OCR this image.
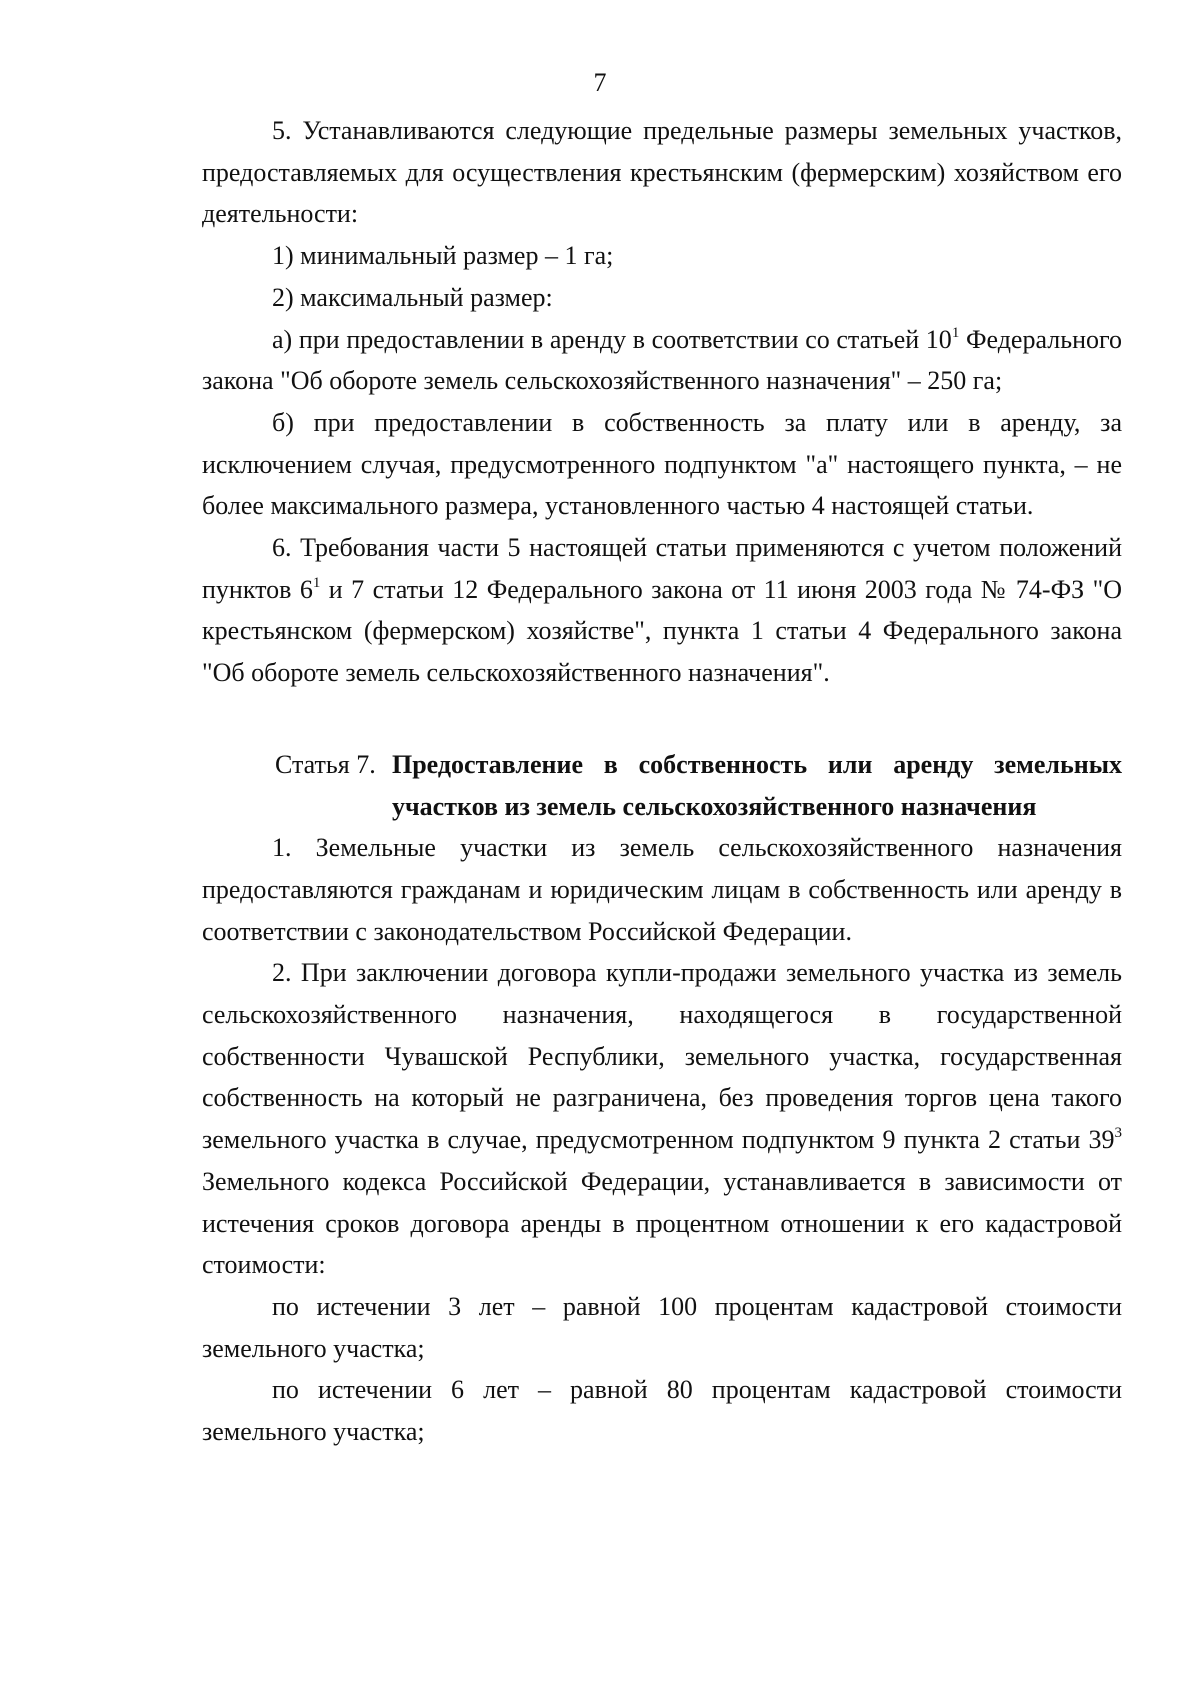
7

5. Устанавливаются следующие предельные размеры земельных участков, предоставляемых для осуществления крестьянским (фермерским) хозяйством его деятельности:

1) минимальный размер – 1 га;

2) максимальный размер:

а) при предоставлении в аренду в соответствии со статьей $10^1$ Федерального закона "Об обороте земель сельскохозяйственного назначения" – 250 га;

б) при предоставлении в собственность за плату или в аренду, за исключением случая, предусмотренного подпунктом "а" настоящего пункта, – не более максимального размера, установленного частью 4 настоящей статьи.

6. Требования части 5 настоящей статьи применяются с учетом положений пунктов $6^1$ и 7 статьи 12 Федерального закона от 11 июня 2003 года № 74-ФЗ "О крестьянском (фермерском) хозяйстве", пункта 1 статьи 4 Федерального закона "Об обороте земель сельскохозяйственного назначения".

Статья 7. Предоставление в собственность или аренду земельных участков из земель сельскохозяйственного назначения

1. Земельные участки из земель сельскохозяйственного назначения предоставляются гражданам и юридическим лицам в собственность или аренду в соответствии с законодательством Российской Федерации.

2. При заключении договора купли-продажи земельного участка из земель сельскохозяйственного назначения, находящегося в государственной собственности Чувашской Республики, земельного участка, государственная собственность на который не разграничена, без проведения торгов цена такого земельного участка в случае, предусмотренном подпунктом 9 пункта 2 статьи $39^3$ Земельного кодекса Российской Федерации, устанавливается в зависимости от истечения сроков договора аренды в процентном отношении к его кадастровой стоимости:

по истечении 3 лет – равной 100 процентам кадастровой стоимости земельного участка;

по истечении 6 лет – равной 80 процентам кадастровой стоимости земельного участка;
